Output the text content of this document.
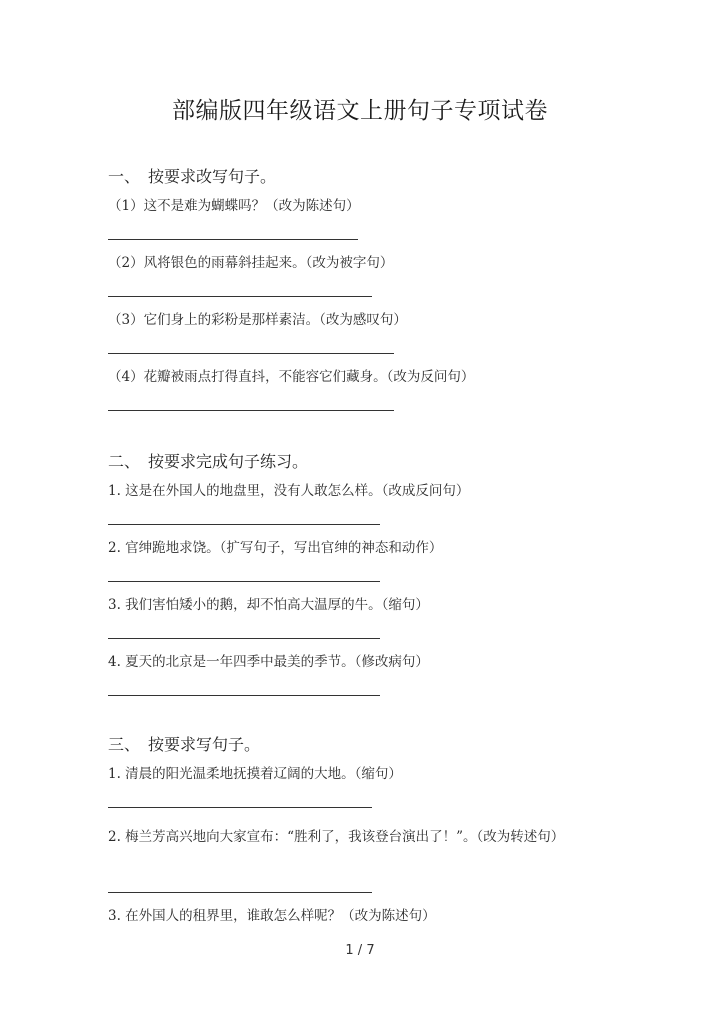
部编版四年级语文上册句子专项试卷
一、 按要求改写句子。
（1）这不是难为蝴蝶吗？（改为陈述句）
（2）风将银色的雨幕斜挂起来。（改为被字句）
（3）它们身上的彩粉是那样素洁。（改为感叹句）
（4）花瓣被雨点打得直抖，不能容它们藏身。（改为反问句）
二、 按要求完成句子练习。
1. 这是在外国人的地盘里，没有人敢怎么样。（改成反问句）
2. 官绅跪地求饶。（扩写句子，写出官绅的神态和动作）
3. 我们害怕矮小的鹅，却不怕高大温厚的牛。（缩句）
4. 夏天的北京是一年四季中最美的季节。（修改病句）
三、 按要求写句子。
1. 清晨的阳光温柔地抚摸着辽阔的大地。（缩句）
2. 梅兰芳高兴地向大家宣布：“胜利了，我该登台演出了！”。（改为转述句）
3. 在外国人的租界里，谁敢怎么样呢？（改为陈述句）
1 / 7
